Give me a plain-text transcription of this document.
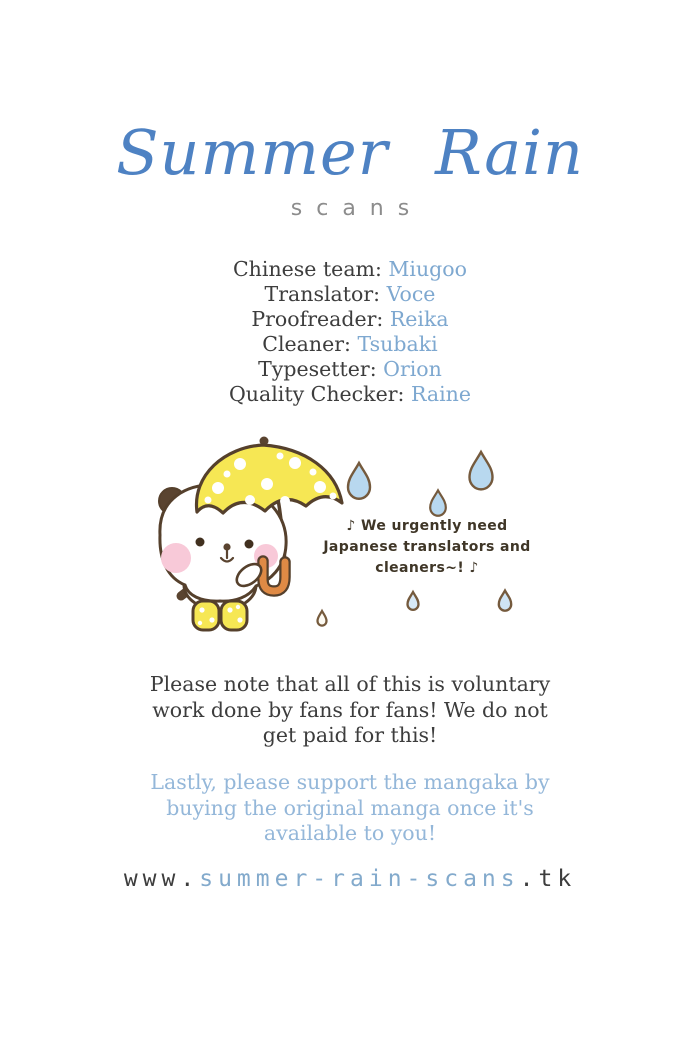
Summer Rain
scans
Chinese team: Miugoo
Translator: Voce
Proofreader: Reika
Cleaner: Tsubaki
Typesetter: Orion
Quality Checker: Raine
♪ We urgently need
Japanese translators and
cleaners~! ♪
Please note that all of this is voluntary
work done by fans for fans! We do not
get paid for this!
Lastly, please support the mangaka by
buying the original manga once it's
available to you!
www.summer-rain-scans.tk
